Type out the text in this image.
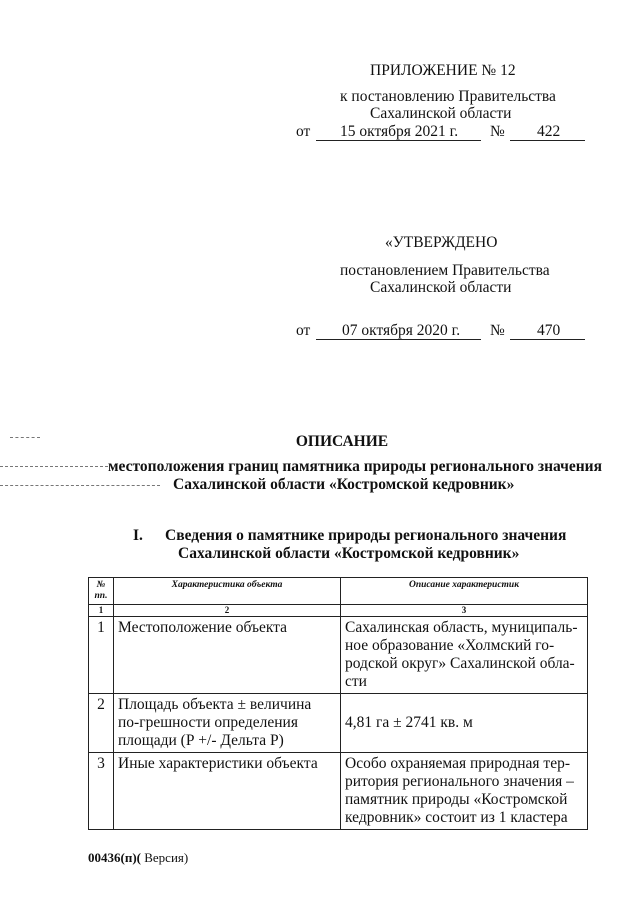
ПРИЛОЖЕНИЕ № 12
к постановлению Правительства
Сахалинской области
от 15 октября 2021 г. № 422
«УТВЕРЖДЕНО
постановлением Правительства
Сахалинской области
от 07 октября 2020 г. № 470
ОПИСАНИЕ
местоположения границ памятника природы регионального значения
Сахалинской области «Костромской кедровник»
I. Сведения о памятнике природы регионального значения
Сахалинской области «Костромской кедровник»
№ пп.	Характеристика объекта	Описание характеристик
1	2	3
1	Местоположение объекта	Сахалинская область, муниципаль-ное образование «Холмский го-родской округ» Сахалинской обла-сти
2	Площадь объекта ± величина по-грешности определения площади (Р +/- Дельта Р)	4,81 га ± 2741 кв. м
3	Иные характеристики объекта	Особо охраняемая природная тер-ритория регионального значения – памятник природы «Костромской кедровник» состоит из 1 кластера
00436(п)( Версия)
